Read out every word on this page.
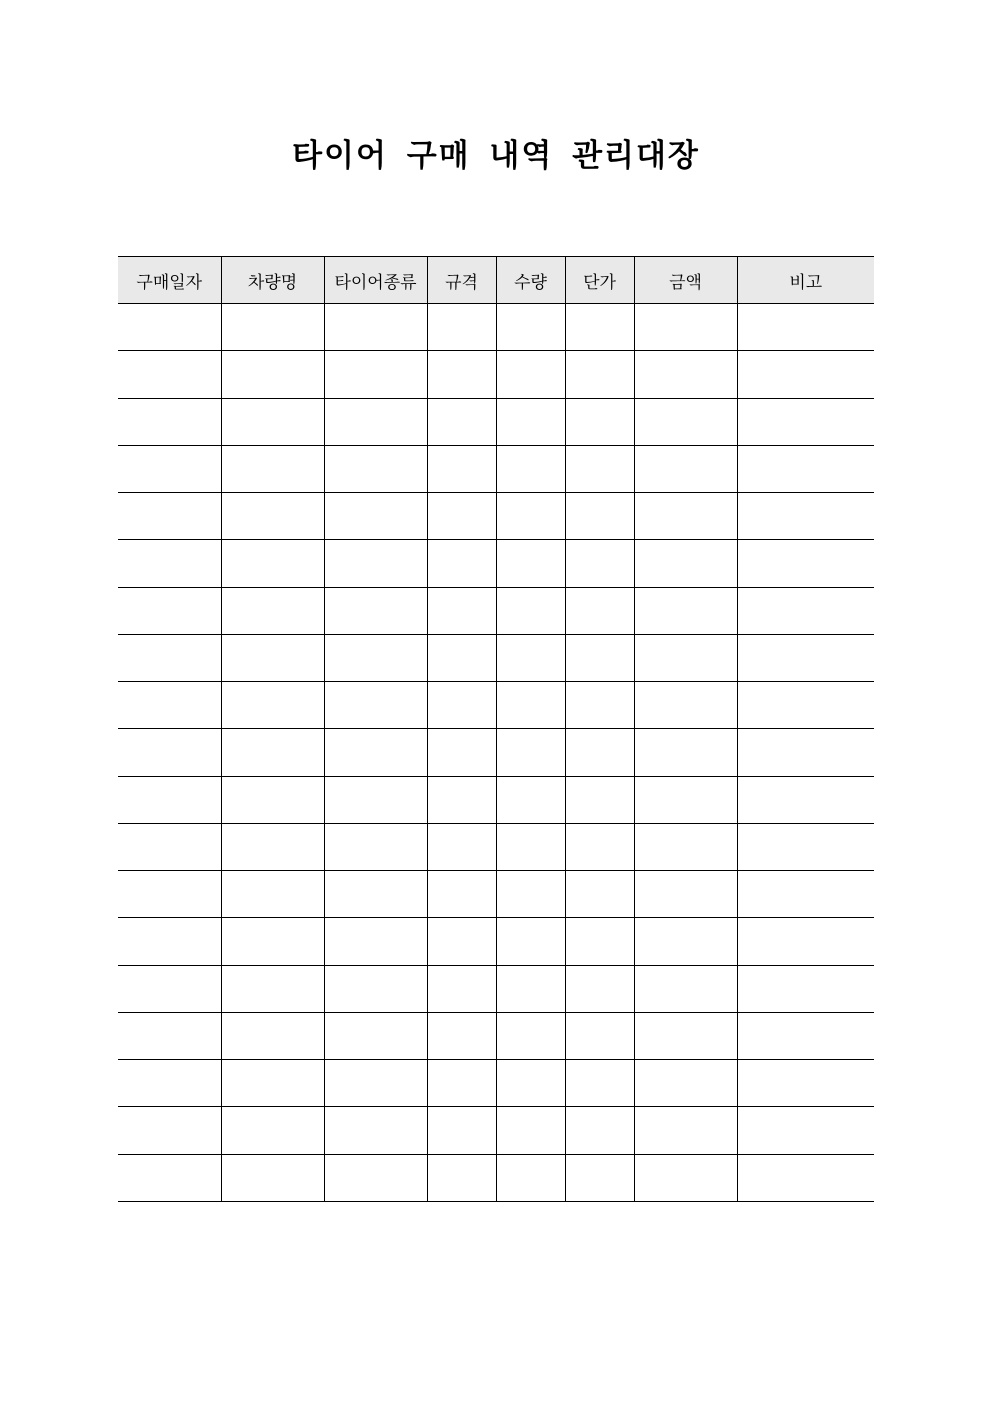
타이어 구매 내역 관리대장
구매일자	차량명	타이어종류	규격	수량	단가	금액	비고
